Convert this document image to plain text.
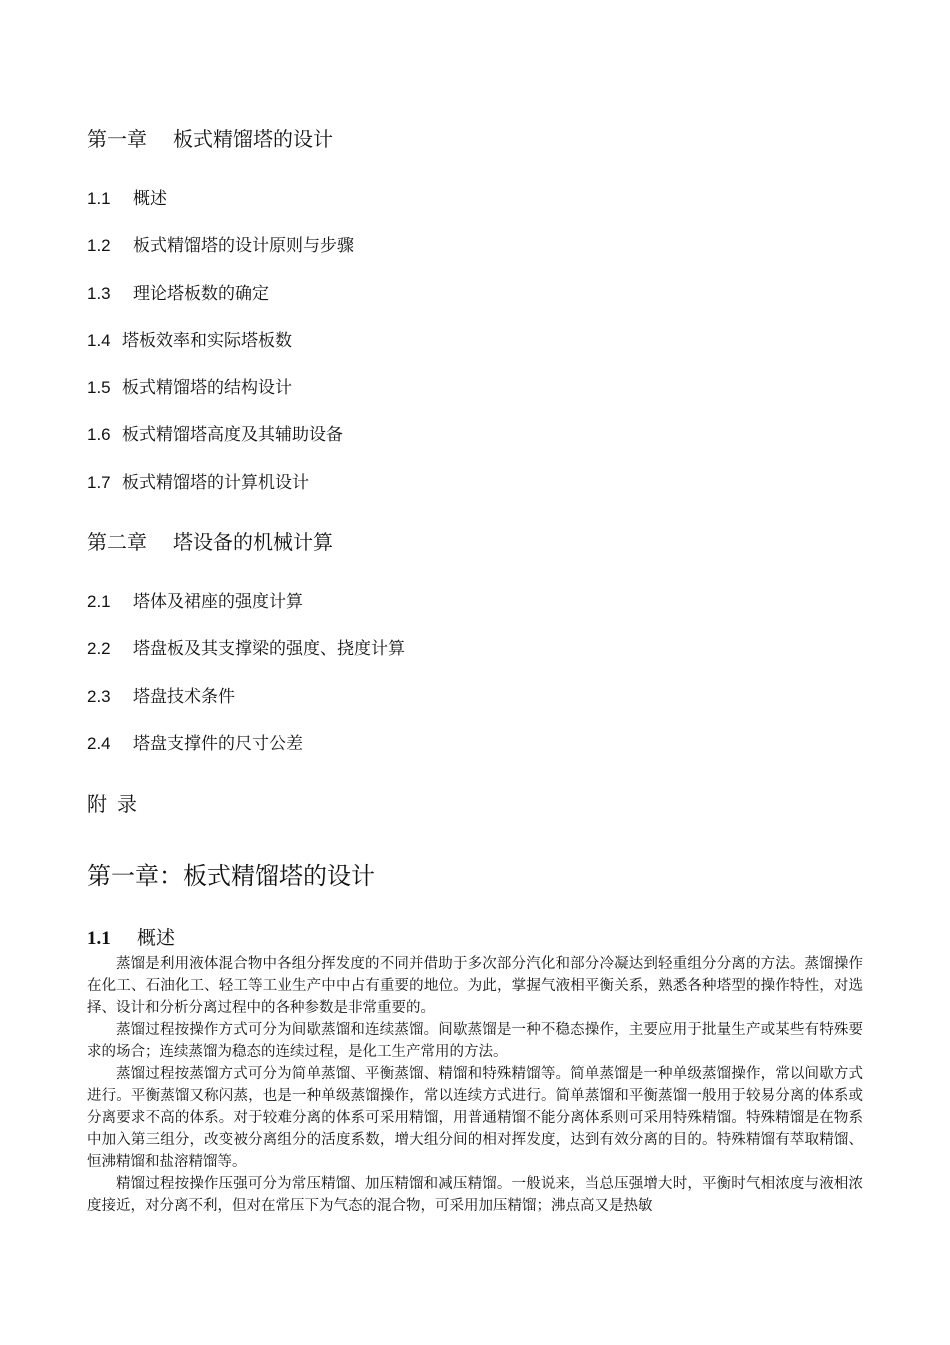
第一章 板式精馏塔的设计
1.1 概述
1.2 板式精馏塔的设计原则与步骤
1.3 理论塔板数的确定
1.4 塔板效率和实际塔板数
1.5 板式精馏塔的结构设计
1.6 板式精馏塔高度及其辅助设备
1.7 板式精馏塔的计算机设计
第二章 塔设备的机械计算
2.1 塔体及裙座的强度计算
2.2 塔盘板及其支撑梁的强度、挠度计算
2.3 塔盘技术条件
2.4 塔盘支撑件的尺寸公差
附录
第一章：板式精馏塔的设计
1.1 概述

蒸馏是利用液体混合物中各组分挥发度的不同并借助于多次部分汽化和部分冷凝达到轻重组分分离的方法。蒸馏操作在化工、石油化工、轻工等工业生产中中占有重要的地位。为此，掌握气液相平衡关系，熟悉各种塔型的操作特性，对选择、设计和分析分离过程中的各种参数是非常重要的。

蒸馏过程按操作方式可分为间歇蒸馏和连续蒸馏。间歇蒸馏是一种不稳态操作，主要应用于批量生产或某些有特殊要求的场合；连续蒸馏为稳态的连续过程，是化工生产常用的方法。

蒸馏过程按蒸馏方式可分为简单蒸馏、平衡蒸馏、精馏和特殊精馏等。简单蒸馏是一种单级蒸馏操作，常以间歇方式进行。平衡蒸馏又称闪蒸，也是一种单级蒸馏操作，常以连续方式进行。简单蒸馏和平衡蒸馏一般用于较易分离的体系或分离要求不高的体系。对于较难分离的体系可采用精馏，用普通精馏不能分离体系则可采用特殊精馏。特殊精馏是在物系中加入第三组分，改变被分离组分的活度系数，增大组分间的相对挥发度，达到有效分离的目的。特殊精馏有萃取精馏、恒沸精馏和盐溶精馏等。

精馏过程按操作压强可分为常压精馏、加压精馏和减压精馏。一般说来，当总压强增大时，平衡时气相浓度与液相浓度接近，对分离不利，但对在常压下为气态的混合物，可采用加压精馏；沸点高又是热敏
